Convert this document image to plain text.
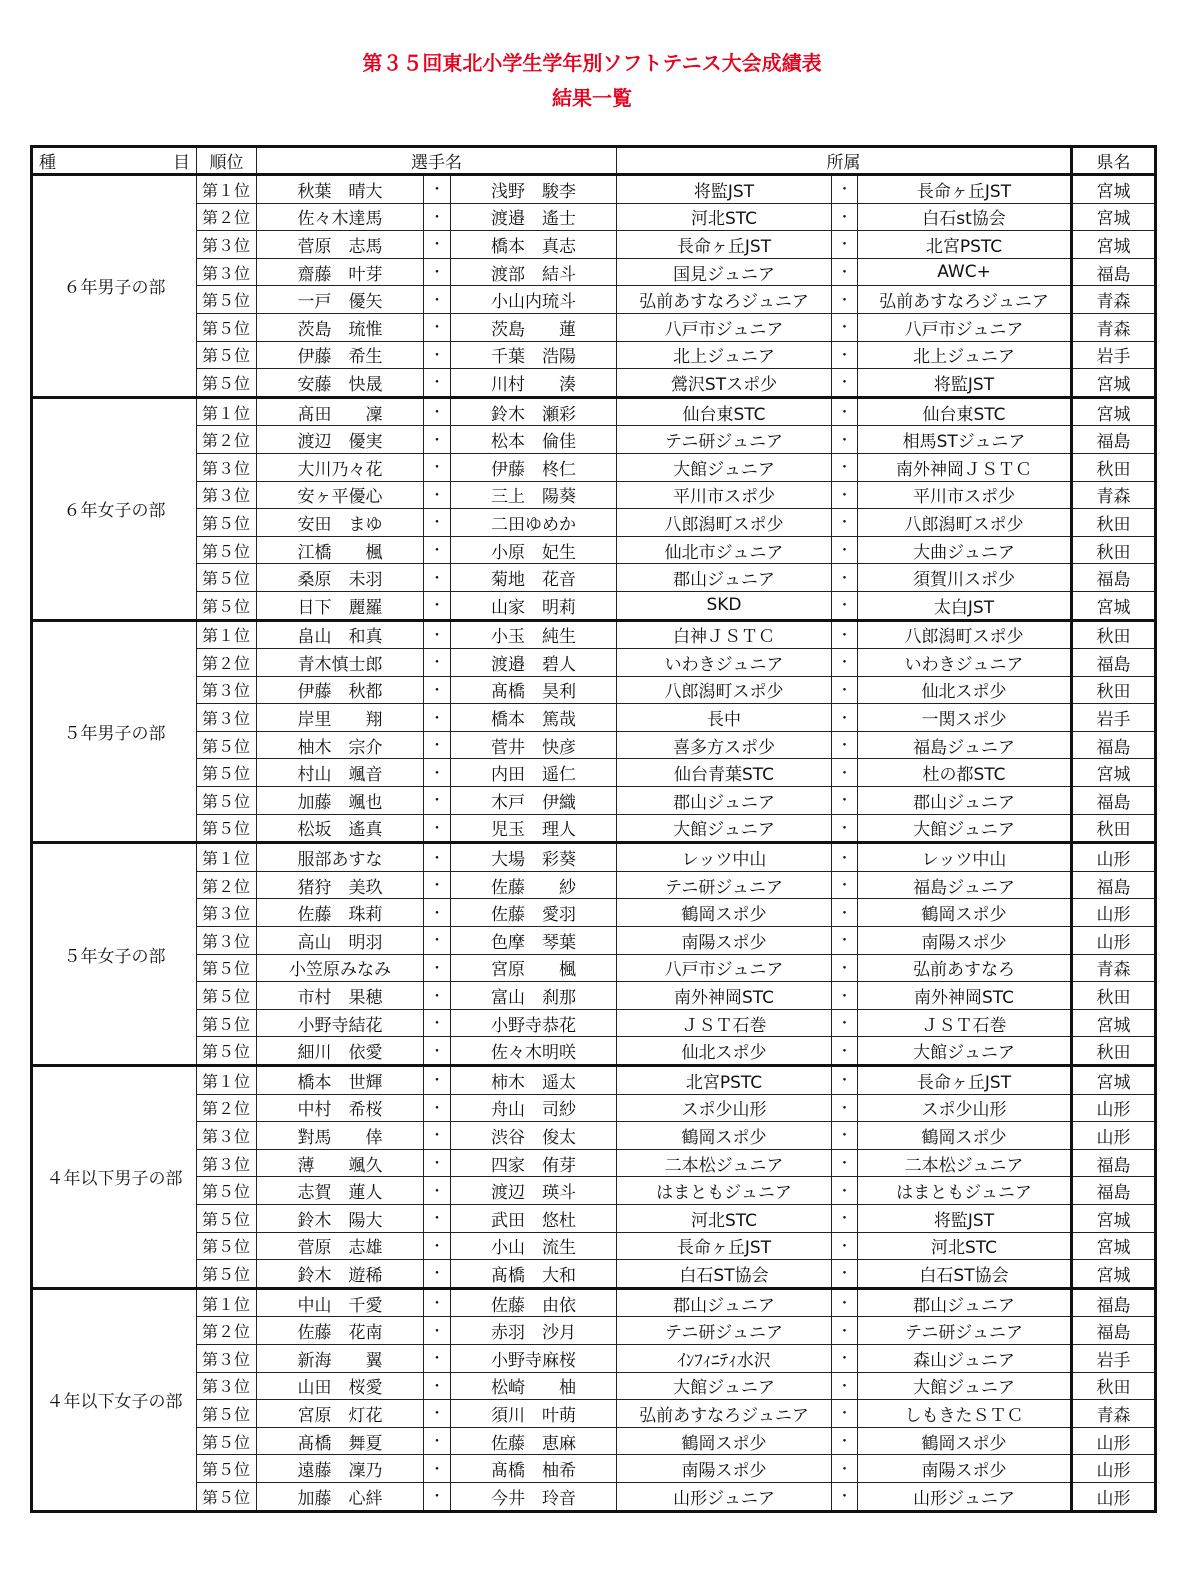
第３５回東北小学生学年別ソフトテニス大会成績表
結果一覧
種 目	順位	選手名			所属			県名
６年男子の部	第１位	秋葉　晴大	・	浅野　駿李	将監JST	・	長命ヶ丘JST	宮城
	第２位	佐々木達馬	・	渡邉　遙士	河北STC	・	白石st協会	宮城
	第３位	菅原　志馬	・	橋本　真志	長命ヶ丘JST	・	北宮PSTC	宮城
	第３位	齋藤　叶芽	・	渡部　結斗	国見ジュニア	・	AWC+	福島
	第５位	一戸　優矢	・	小山内琉斗	弘前あすなろジュニア	・	弘前あすなろジュニア	青森
	第５位	茨島　琉惟	・	茨島　　蓮	八戸市ジュニア	・	八戸市ジュニア	青森
	第５位	伊藤　希生	・	千葉　浩陽	北上ジュニア	・	北上ジュニア	岩手
	第５位	安藤　快晟	・	川村　　湊	鶯沢STスポ少	・	将監JST	宮城
６年女子の部	第１位	髙田　　凜	・	鈴木　瀬彩	仙台東STC	・	仙台東STC	宮城
	第２位	渡辺　優実	・	松本　倫佳	テニ研ジュニア	・	相馬STジュニア	福島
	第３位	大川乃々花	・	伊藤　柊仁	大館ジュニア	・	南外神岡ＪＳＴＣ	秋田
	第３位	安ヶ平優心	・	三上　陽葵	平川市スポ少	・	平川市スポ少	青森
	第５位	安田　まゆ	・	二田ゆめか	八郎潟町スポ少	・	八郎潟町スポ少	秋田
	第５位	江橋　　楓	・	小原　妃生	仙北市ジュニア	・	大曲ジュニア	秋田
	第５位	桑原　未羽	・	菊地　花音	郡山ジュニア	・	須賀川スポ少	福島
	第５位	日下　麗羅	・	山家　明莉	SKD	・	太白JST	宮城
５年男子の部	第１位	畠山　和真	・	小玉　純生	白神ＪＳＴＣ	・	八郎潟町スポ少	秋田
	第２位	青木慎士郎	・	渡邉　碧人	いわきジュニア	・	いわきジュニア	福島
	第３位	伊藤　秋都	・	髙橋　昊利	八郎潟町スポ少	・	仙北スポ少	秋田
	第３位	岸里　　翔	・	橋本　篤哉	長中	・	一関スポ少	岩手
	第５位	柚木　宗介	・	菅井　快彦	喜多方スポ少	・	福島ジュニア	福島
	第５位	村山　颯音	・	内田　遥仁	仙台青葉STC	・	杜の都STC	宮城
	第５位	加藤　颯也	・	木戸　伊織	郡山ジュニア	・	郡山ジュニア	福島
	第５位	松坂　遙真	・	児玉　理人	大館ジュニア	・	大館ジュニア	秋田
５年女子の部	第１位	服部あすな	・	大場　彩葵	レッツ中山	・	レッツ中山	山形
	第２位	猪狩　美玖	・	佐藤　　紗	テニ研ジュニア	・	福島ジュニア	福島
	第３位	佐藤　珠莉	・	佐藤　愛羽	鶴岡スポ少	・	鶴岡スポ少	山形
	第３位	高山　明羽	・	色摩　琴葉	南陽スポ少	・	南陽スポ少	山形
	第５位	小笠原みなみ	・	宮原　　楓	八戸市ジュニア	・	弘前あすなろ	青森
	第５位	市村　果穂	・	富山　刹那	南外神岡STC	・	南外神岡STC	秋田
	第５位	小野寺結花	・	小野寺恭花	ＪＳＴ石巻	・	ＪＳＴ石巻	宮城
	第５位	細川　依愛	・	佐々木明咲	仙北スポ少	・	大館ジュニア	秋田
４年以下男子の部	第１位	橋本　世輝	・	柿木　遥太	北宮PSTC	・	長命ヶ丘JST	宮城
	第２位	中村　希桜	・	舟山　司紗	スポ少山形	・	スポ少山形	山形
	第３位	對馬　　倖	・	渋谷　俊太	鶴岡スポ少	・	鶴岡スポ少	山形
	第３位	薄　　颯久	・	四家　侑芽	二本松ジュニア	・	二本松ジュニア	福島
	第５位	志賀　蓮人	・	渡辺　瑛斗	はまともジュニア	・	はまともジュニア	福島
	第５位	鈴木　陽大	・	武田　悠杜	河北STC	・	将監JST	宮城
	第５位	菅原　志雄	・	小山　流生	長命ヶ丘JST	・	河北STC	宮城
	第５位	鈴木　遊稀	・	髙橋　大和	白石ST協会	・	白石ST協会	宮城
４年以下女子の部	第１位	中山　千愛	・	佐藤　由依	郡山ジュニア	・	郡山ジュニア	福島
	第２位	佐藤　花南	・	赤羽　沙月	テニ研ジュニア	・	テニ研ジュニア	福島
	第３位	新海　　翼	・	小野寺麻桜	ｲﾝﾌｨﾆﾃｨ水沢	・	森山ジュニア	岩手
	第３位	山田　桜愛	・	松崎　　柚	大館ジュニア	・	大館ジュニア	秋田
	第５位	宮原　灯花	・	須川　叶萌	弘前あすなろジュニア	・	しもきたＳＴＣ	青森
	第５位	髙橋　舞夏	・	佐藤　恵麻	鶴岡スポ少	・	鶴岡スポ少	山形
	第５位	遠藤　凜乃	・	髙橋　柚希	南陽スポ少	・	南陽スポ少	山形
	第５位	加藤　心絆	・	今井　玲音	山形ジュニア	・	山形ジュニア	山形
